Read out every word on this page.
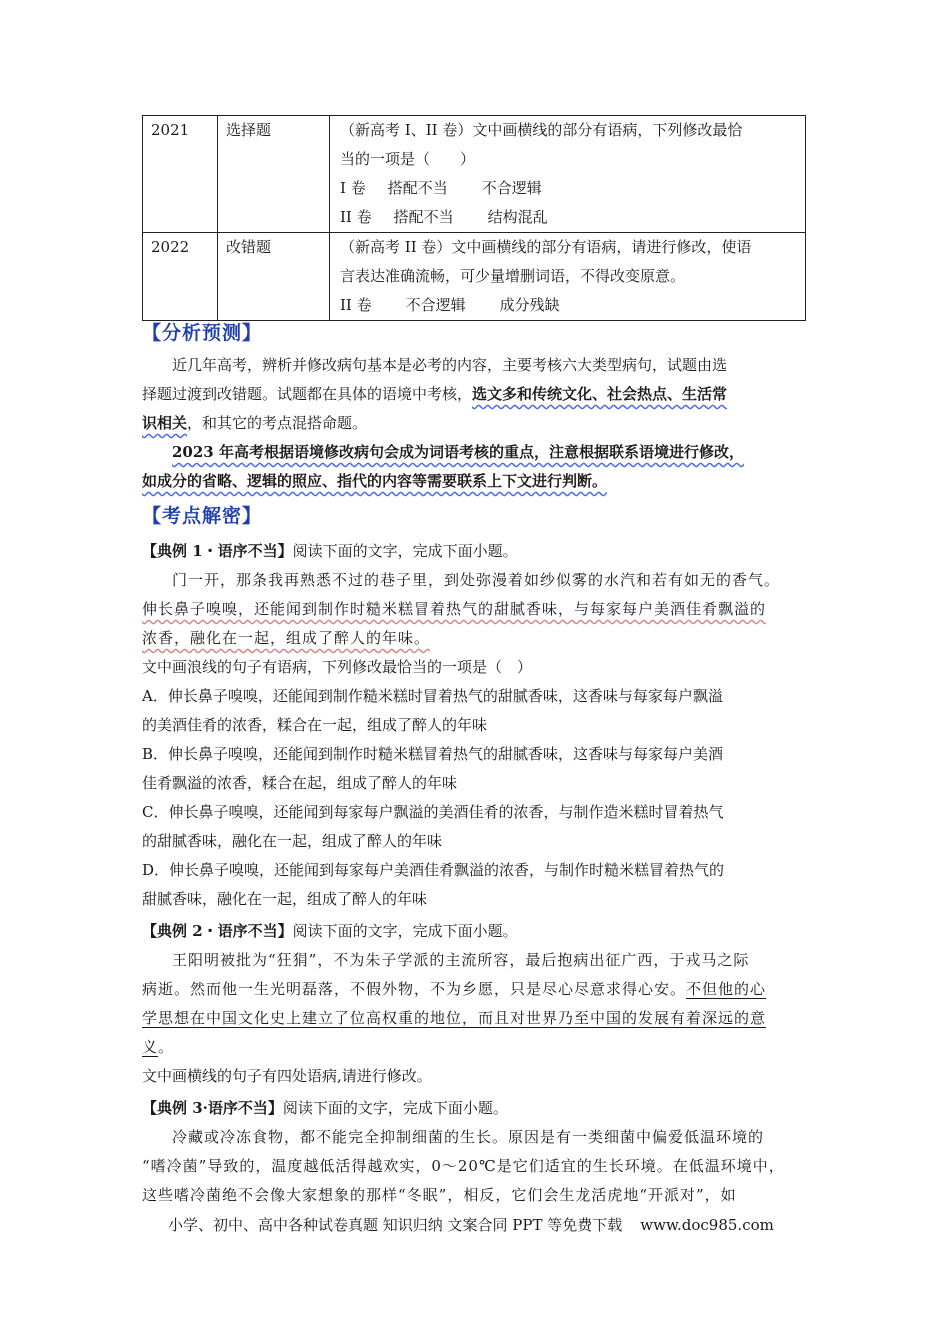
2021	选择题	（新高考 I、II 卷）文中画横线的部分有语病，下列修改最恰
当的一项是（　　）
I 卷 搭配不当 不合逻辑
II 卷 搭配不当 结构混乱

2022	改错题	（新高考 II 卷）文中画横线的部分有语病，请进行修改，使语
言表达准确流畅，可少量增删词语，不得改变原意。
II 卷 不合逻辑 成分残缺
【分析预测】
近几年高考，辨析并修改病句基本是必考的内容，主要考核六大类型病句，试题由选
择题过渡到改错题。试题都在具体的语境中考核，选文多和传统文化、社会热点、生活常
识相关，和其它的考点混搭命题。
2023 年高考根据语境修改病句会成为词语考核的重点，注意根据联系语境进行修改，
如成分的省略、逻辑的照应、指代的内容等需要联系上下文进行判断。
【考点解密】
【典例 1・语序不当】阅读下面的文字，完成下面小题。
门一开，那条我再熟悉不过的巷子里，到处弥漫着如纱似雾的水汽和若有如无的香气。
伸长鼻子嗅嗅，还能闻到制作时糙米糕冒着热气的甜腻香味，与每家每户美酒佳肴飘溢的
浓香，融化在一起，组成了醉人的年味。
文中画浪线的句子有语病，下列修改最恰当的一项是（　）
A．伸长鼻子嗅嗅，还能闻到制作糙米糕时冒着热气的甜腻香味，这香味与每家每户飘溢
的美酒佳肴的浓香，糅合在一起，组成了醉人的年味
B．伸长鼻子嗅嗅，还能闻到制作时糙米糕冒着热气的甜腻香味，这香味与每家每户美酒
佳肴飘溢的浓香，糅合在起，组成了醉人的年味
C．伸长鼻子嗅嗅，还能闻到每家每户飘溢的美酒佳肴的浓香，与制作造米糕时冒着热气
的甜腻香味，融化在一起，组成了醉人的年味
D．伸长鼻子嗅嗅，还能闻到每家每户美酒佳肴飘溢的浓香，与制作时糙米糕冒着热气的
甜腻香味，融化在一起，组成了醉人的年味
【典例 2・语序不当】阅读下面的文字，完成下面小题。
王阳明被批为“狂狷”，不为朱子学派的主流所容，最后抱病出征广西，于戎马之际
病逝。然而他一生光明磊落，不假外物，不为乡愿，只是尽心尽意求得心安。不但他的心
学思想在中国文化史上建立了位高权重的地位，而且对世界乃至中国的发展有着深远的意
义。
文中画横线的句子有四处语病,请进行修改。
【典例 3·语序不当】阅读下面的文字，完成下面小题。
冷藏或冷冻食物，都不能完全抑制细菌的生长。原因是有一类细菌中偏爱低温环境的
“嗜冷菌”导致的，温度越低活得越欢实，0～20℃是它们适宜的生长环境。在低温环境中，
这些嗜冷菌绝不会像大家想象的那样“冬眠”，相反，它们会生龙活虎地“开派对”，如
小学、初中、高中各种试卷真题 知识归纳 文案合同 PPT 等免费下载 www.doc985.com
